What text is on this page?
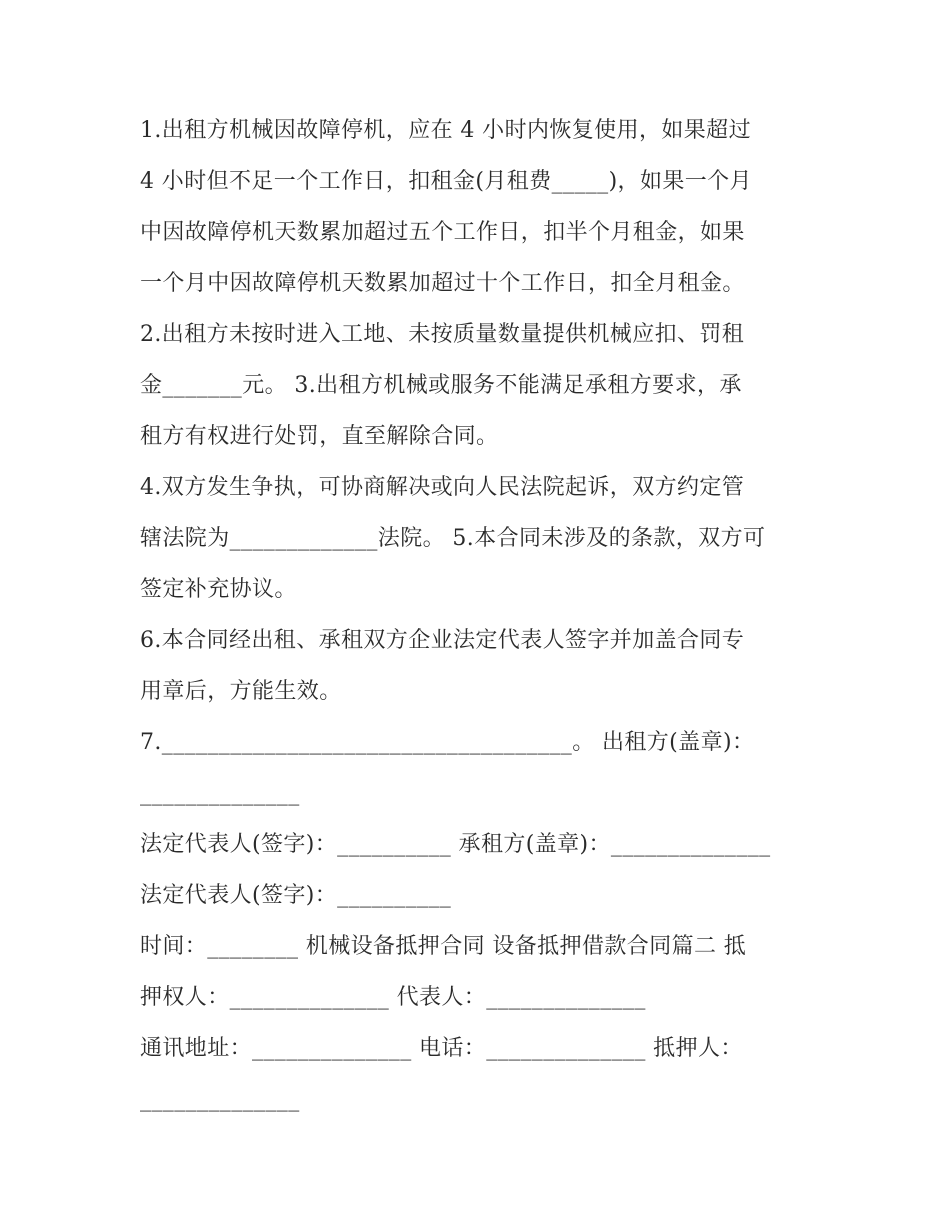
1.出租方机械因故障停机，应在 4 小时内恢复使用，如果超过
4 小时但不足一个工作日，扣租金(月租费_____)，如果一个月
中因故障停机天数累加超过五个工作日，扣半个月租金，如果
一个月中因故障停机天数累加超过十个工作日，扣全月租金。
2.出租方未按时进入工地、未按质量数量提供机械应扣、罚租
金_______元。 3.出租方机械或服务不能满足承租方要求，承
租方有权进行处罚，直至解除合同。
4.双方发生争执，可协商解决或向人民法院起诉，双方约定管
辖法院为_____________法院。 5.本合同未涉及的条款，双方可
签定补充协议。
6.本合同经出租、承租双方企业法定代表人签字并加盖合同专
用章后，方能生效。
7.____________________________________。 出租方(盖章)：
______________
法定代表人(签字)：__________ 承租方(盖章)：______________
法定代表人(签字)：__________
时间：________ 机械设备抵押合同 设备抵押借款合同篇二 抵
押权人：______________ 代表人：______________
通讯地址：______________ 电话：______________ 抵押人：
______________
